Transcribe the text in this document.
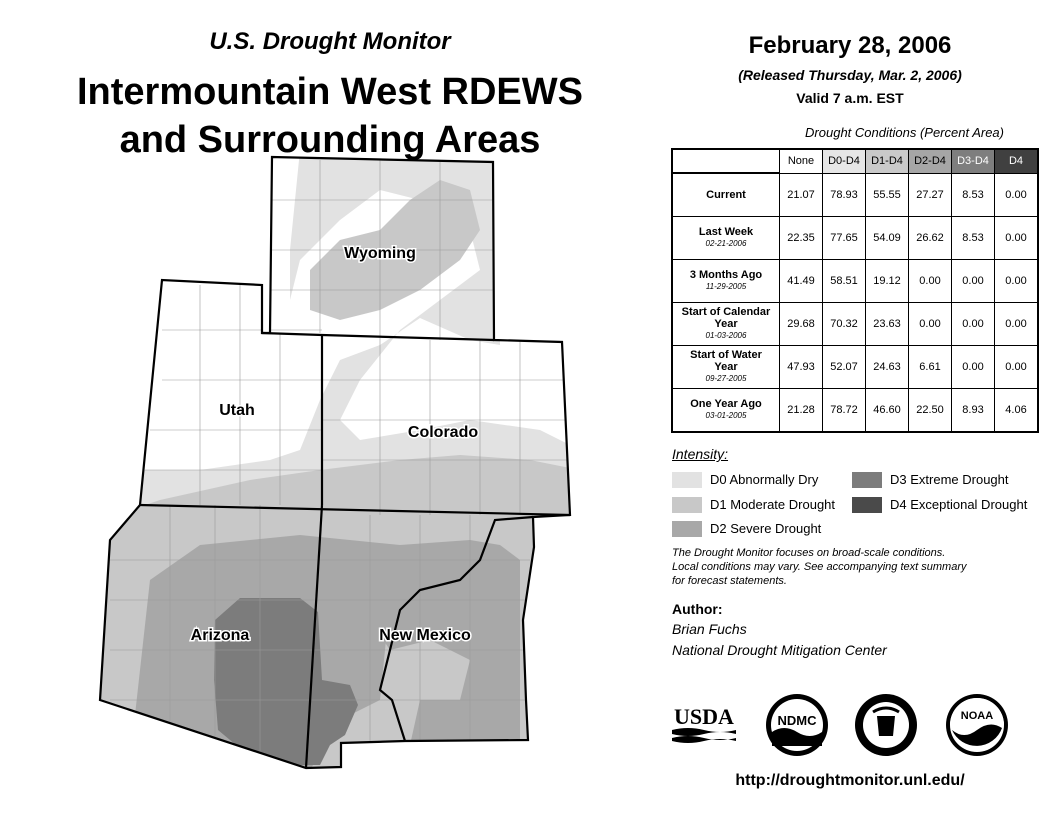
U.S. Drought Monitor
Intermountain West RDEWS
and Surrounding Areas
Wyoming
Utah
Colorado
Arizona	New Mexico
February 28, 2006
(Released Thursday, Mar. 2, 2006)
Valid 7 a.m. EST
Drought Conditions (Percent Area)
	None	D0-D4	D1-D4	D2-D4	D3-D4	D4
Current	21.07	78.93	55.55	27.27	8.53	0.00
Last Week
02-21-2006	22.35	77.65	54.09	26.62	8.53	0.00
3 Months Ago
11-29-2005	41.49	58.51	19.12	0.00	0.00	0.00
Start of Calendar Year
01-03-2006	29.68	70.32	23.63	0.00	0.00	0.00
Start of Water Year
09-27-2005	47.93	52.07	24.63	6.61	0.00	0.00
One Year Ago
03-01-2005	21.28	78.72	46.60	22.50	8.93	4.06
Intensity:
D0 Abnormally Dry
D1 Moderate Drought
D2 Severe Drought
D3 Extreme Drought
D4 Exceptional Drought
The Drought Monitor focuses on broad-scale conditions.
Local conditions may vary. See accompanying text summary
for forecast statements.
Author:
Brian Fuchs
National Drought Mitigation Center
USDA	NDMC	NOAA
http://droughtmonitor.unl.edu/
